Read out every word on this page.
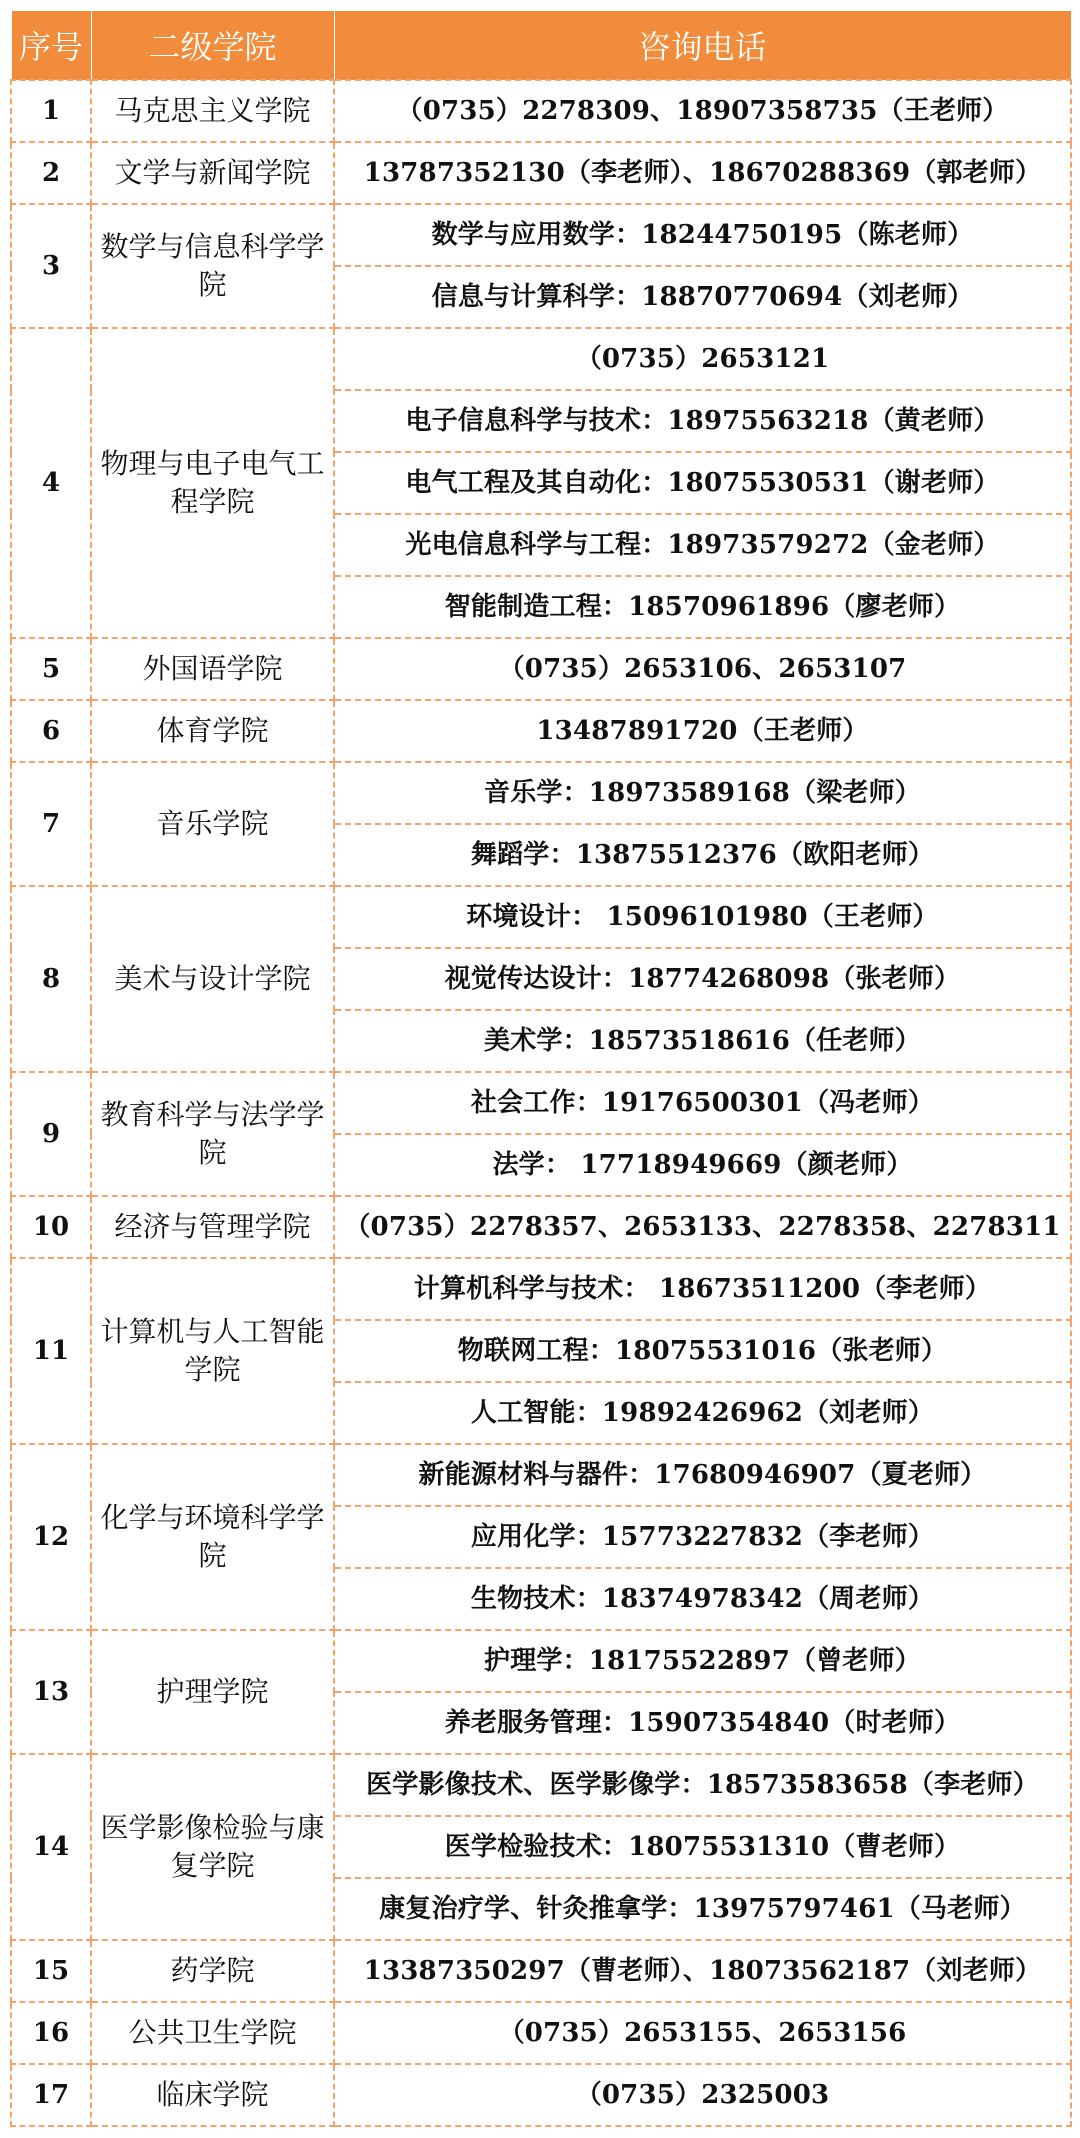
序号	二级学院	咨询电话
1	马克思主义学院	（0735）2278309、18907358735（王老师）
2	文学与新闻学院	13787352130（李老师）、18670288369（郭老师）
3	数学与信息科学学院	数学与应用数学：18244750195（陈老师）
		信息与计算科学：18870770694（刘老师）
4	物理与电子电气工程学院	（0735）2653121
		电子信息科学与技术：18975563218（黄老师）
		电气工程及其自动化：18075530531（谢老师）
		光电信息科学与工程：18973579272（金老师）
		智能制造工程：18570961896（廖老师）
5	外国语学院	（0735）2653106、2653107
6	体育学院	13487891720（王老师）
7	音乐学院	音乐学：18973589168（梁老师）
		舞蹈学：13875512376（欧阳老师）
8	美术与设计学院	环境设计： 15096101980（王老师）
		视觉传达设计：18774268098（张老师）
		美术学：18573518616（任老师）
9	教育科学与法学学院	社会工作：19176500301（冯老师）
		法学： 17718949669（颜老师）
10	经济与管理学院	（0735）2278357、2653133、2278358、2278311
11	计算机与人工智能学院	计算机科学与技术： 18673511200（李老师）
		物联网工程：18075531016（张老师）
		人工智能：19892426962（刘老师）
12	化学与环境科学学院	新能源材料与器件：17680946907（夏老师）
		应用化学：15773227832（李老师）
		生物技术：18374978342（周老师）
13	护理学院	护理学：18175522897（曾老师）
		养老服务管理：15907354840（时老师）
14	医学影像检验与康复学院	医学影像技术、医学影像学：18573583658（李老师）
		医学检验技术：18075531310（曹老师）
		康复治疗学、针灸推拿学：13975797461（马老师）
15	药学院	13387350297（曹老师）、18073562187（刘老师）
16	公共卫生学院	（0735）2653155、2653156
17	临床学院	（0735）2325003
